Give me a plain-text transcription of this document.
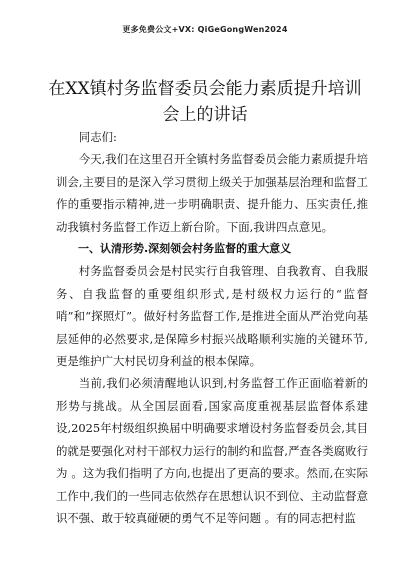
更多免费公文+VX: QiGeGongWen2024
在XX镇村务监督委员会能力素质提升培训会上的讲话

同志们:

今天,我们在这里召开全镇村务监督委员会能力素质提升培训会,主要目的是深入学习贯彻上级关于加强基层治理和监督工作的重要指示精神,进一步明确职责、提升能力、压实责任,推动我镇村务监督工作迈上新台阶。下面,我讲四点意见。

一、认清形势.深刻领会村务监督的重大意义

村务监督委员会是村民实行自我管理、自我教育、自我服务、自我监督的重要组织形式,是村级权力运行的“监督哨”和“探照灯”。做好村务监督工作,是推进全面从严治党向基层延伸的必然要求,是保障乡村振兴战略顺利实施的关键环节,更是维护广大村民切身利益的根本保障。

当前,我们必须清醒地认识到,村务监督工作正面临着新的形势与挑战。从全国层面看,国家高度重视基层监督体系建设,2025年村级组织换届中明确要求增设村务监督委员会,其目的就是要强化对村干部权力运行的制约和监督,严查各类腐败行为 。这为我们指明了方向,也提出了更高的要求。然而,在实际工作中,我们的一些同志依然存在思想认识不到位、主动监督意识不强、敢于较真碰硬的勇气不足等问题 。有的同志把村监
